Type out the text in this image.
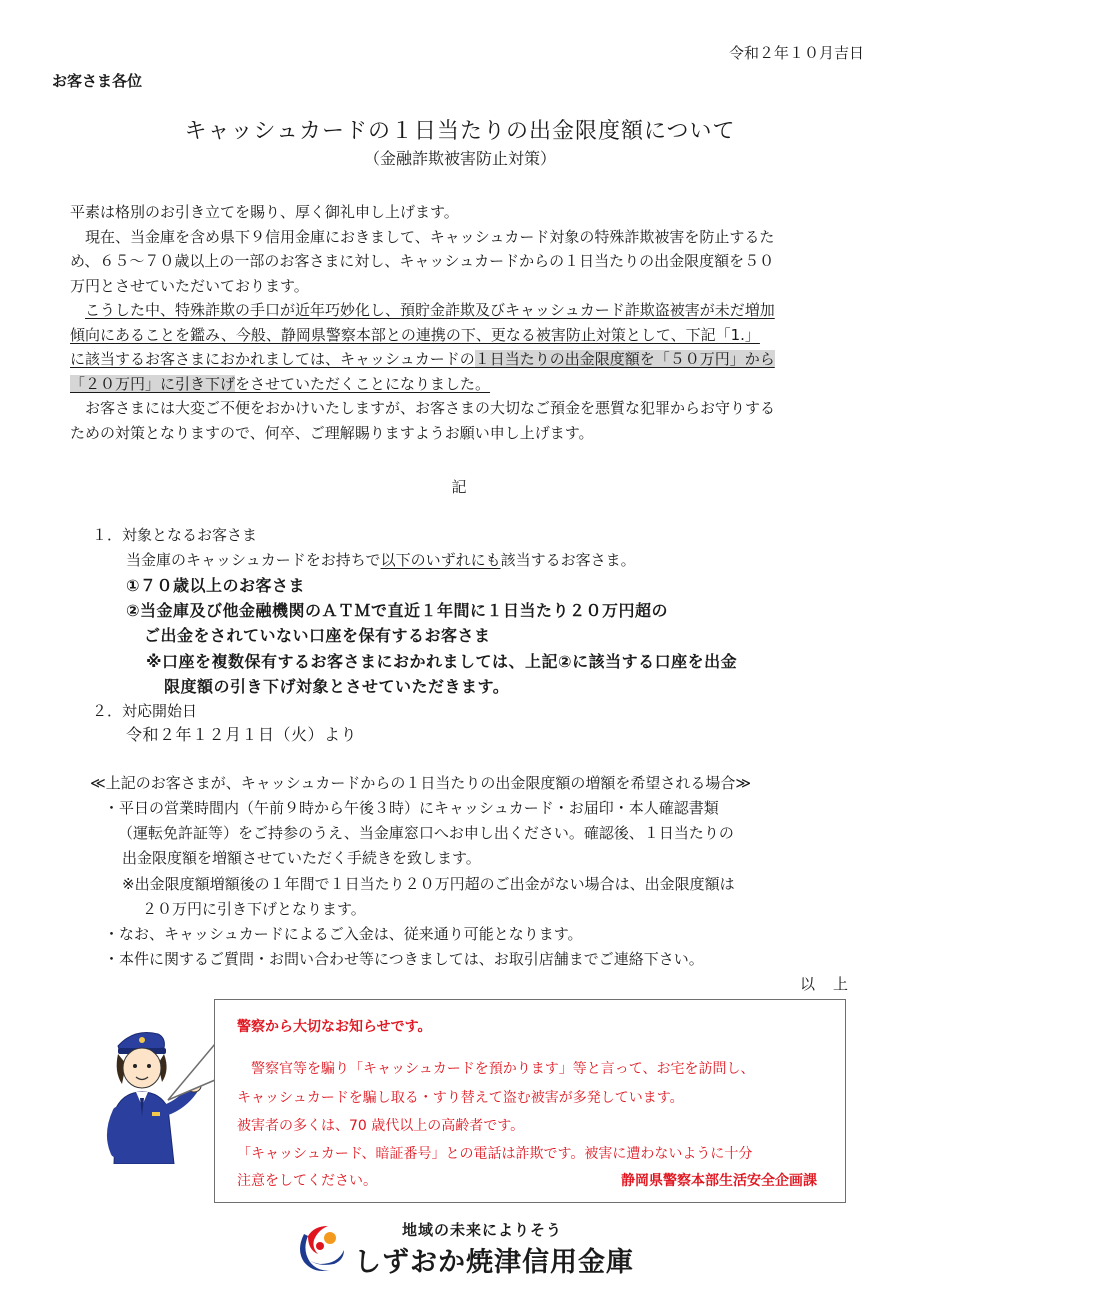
令和２年１０月吉日
お客さま各位
キャッシュカードの１日当たりの出金限度額について
（金融詐欺被害防止対策）
平素は格別のお引き立てを賜り、厚く御礼申し上げます。
　現在、当金庫を含め県下９信用金庫におきまして、キャッシュカード対象の特殊詐欺被害を防止するた
め、６５～７０歳以上の一部のお客さまに対し、キャッシュカードからの１日当たりの出金限度額を５０
万円とさせていただいております。
　こうした中、特殊詐欺の手口が近年巧妙化し、預貯金詐欺及びキャッシュカード詐欺盗被害が未だ増加
傾向にあることを鑑み、今般、静岡県警察本部との連携の下、更なる被害防止対策として、下記「1.」
に該当するお客さまにおかれましては、キャッシュカードの１日当たりの出金限度額を「５０万円」から
「２０万円」に引き下げをさせていただくことになりました。
　お客さまには大変ご不便をおかけいたしますが、お客さまの大切なご預金を悪質な犯罪からお守りする
ための対策となりますので、何卒、ご理解賜りますようお願い申し上げます。
記
１．対象となるお客さま
当金庫のキャッシュカードをお持ちで以下のいずれにも該当するお客さま。
①７０歳以上のお客さま
②当金庫及び他金融機関のＡＴＭで直近１年間に１日当たり２０万円超の
ご出金をされていない口座を保有するお客さま
※口座を複数保有するお客さまにおかれましては、上記②に該当する口座を出金
限度額の引き下げ対象とさせていただきます。
２．対応開始日
令和２年１２月１日（火）より
≪上記のお客さまが、キャッシュカードからの１日当たりの出金限度額の増額を希望される場合≫
・平日の営業時間内（午前９時から午後３時）にキャッシュカード・お届印・本人確認書類
（運転免許証等）をご持参のうえ、当金庫窓口へお申し出ください。確認後、１日当たりの
出金限度額を増額させていただく手続きを致します。
※出金限度額増額後の１年間で１日当たり２０万円超のご出金がない場合は、出金限度額は
２０万円に引き下げとなります。
・なお、キャッシュカードによるご入金は、従来通り可能となります。
・本件に関するご質問・お問い合わせ等につきましては、お取引店舗までご連絡下さい。
以上
警察から大切なお知らせです。
　警察官等を騙り「キャッシュカードを預かります」等と言って、お宅を訪問し、
キャッシュカードを騙し取る・すり替えて盗む被害が多発しています。
被害者の多くは、70 歳代以上の高齢者です。
「キャッシュカード、暗証番号」との電話は詐欺です。被害に遭わないように十分
注意をしてください。	静岡県警察本部生活安全企画課
地域の未来によりそう
しずおか焼津信用金庫
